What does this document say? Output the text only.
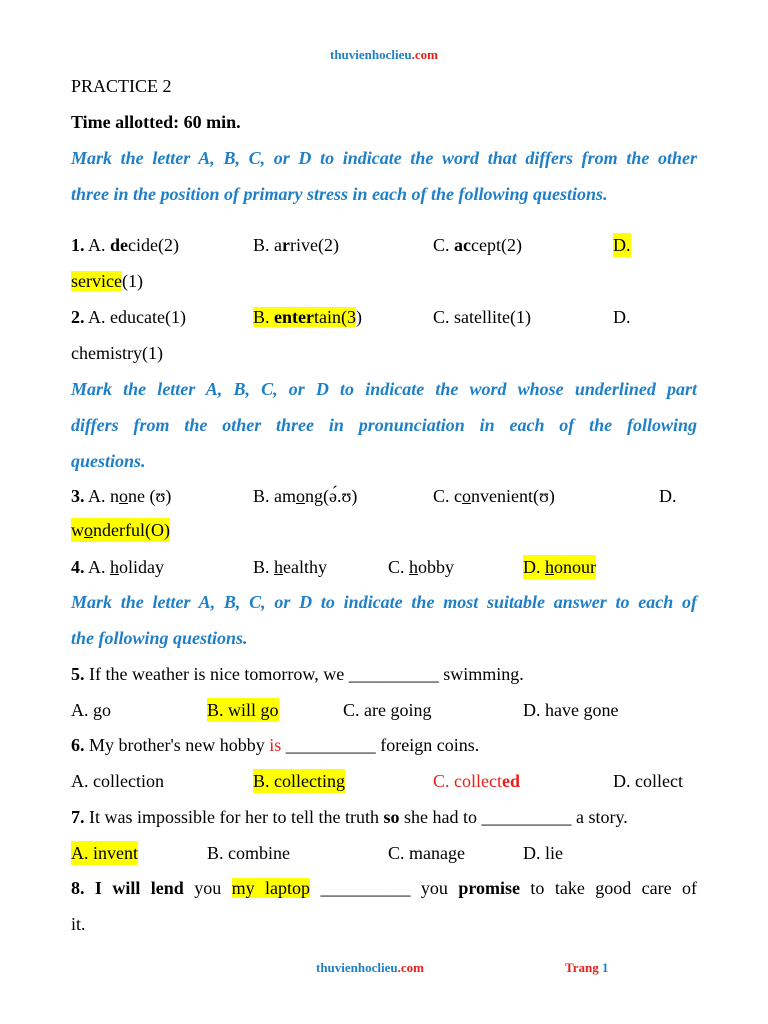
thuvienhoclieu.com
PRACTICE 2
Time allotted: 60 min.
Mark the letter A, B, C, or D to indicate the word that differs from the other
three in the position of primary stress in each of the following questions.
1. A. decide(2)	B. arrive(2)	C. accept(2)	D.
service(1)
2. A. educate(1)	B. entertain(3)	C. satellite(1)	D.
chemistry(1)
Mark the letter A, B, C, or D to indicate the word whose underlined part
differs from the other three in pronunciation in each of the following
questions.
3. A. none (ʊ)	B. among(ə́.ʊ)	C. convenient(ʊ)	D.
wonderful(O)
4. A. holiday	B. healthy	C. hobby	D. honour
Mark the letter A, B, C, or D to indicate the most suitable answer to each of
the following questions.
5. If the weather is nice tomorrow, we __________ swimming.
A. go	B. will go	C. are going	D. have gone
6. My brother's new hobby is __________ foreign coins.
A. collection	B. collecting	C. collected	D. collect
7. It was impossible for her to tell the truth so she had to __________ a story.
A. invent	B. combine	C. manage	D. lie
8. I will lend you my laptop __________ you promise to take good care of
it.
thuvienhoclieu.com	Trang 1
